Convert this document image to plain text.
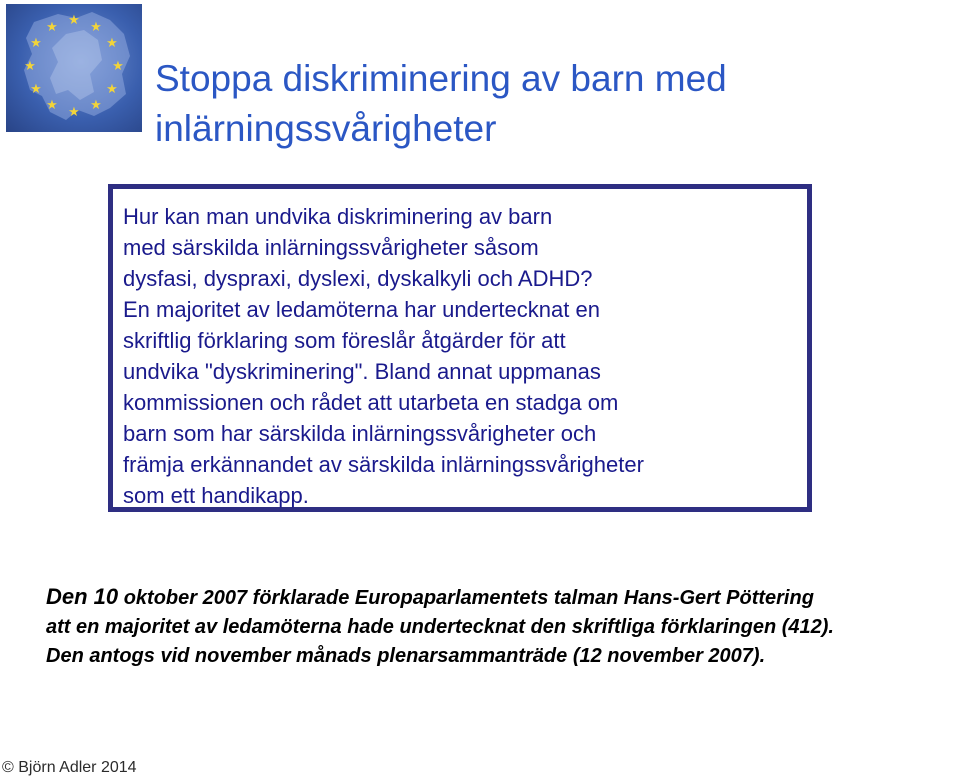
★ ★
★
★
★
★
★
★
★
★
★
★
Stoppa diskriminering av barn med
inlärningssvårigheter

Hur kan man undvika diskriminering av barn
med särskilda inlärningssvårigheter såsom
dysfasi, dyspraxi, dyslexi, dyskalkyli och ADHD?
En majoritet av ledamöterna har undertecknat en
skriftlig förklaring som föreslår åtgärder för att
undvika "dyskriminering". Bland annat uppmanas
kommissionen och rådet att utarbeta en stadga om
barn som har särskilda inlärningssvårigheter och
främja erkännandet av särskilda inlärningssvårigheter
som ett handikapp.

Den 10 oktober 2007 förklarade Europaparlamentets talman Hans-Gert Pöttering
att en majoritet av ledamöterna hade undertecknat den skriftliga förklaringen (412).
Den antogs vid november månads plenarsammanträde (12 november 2007).

© Björn Adler 2014
